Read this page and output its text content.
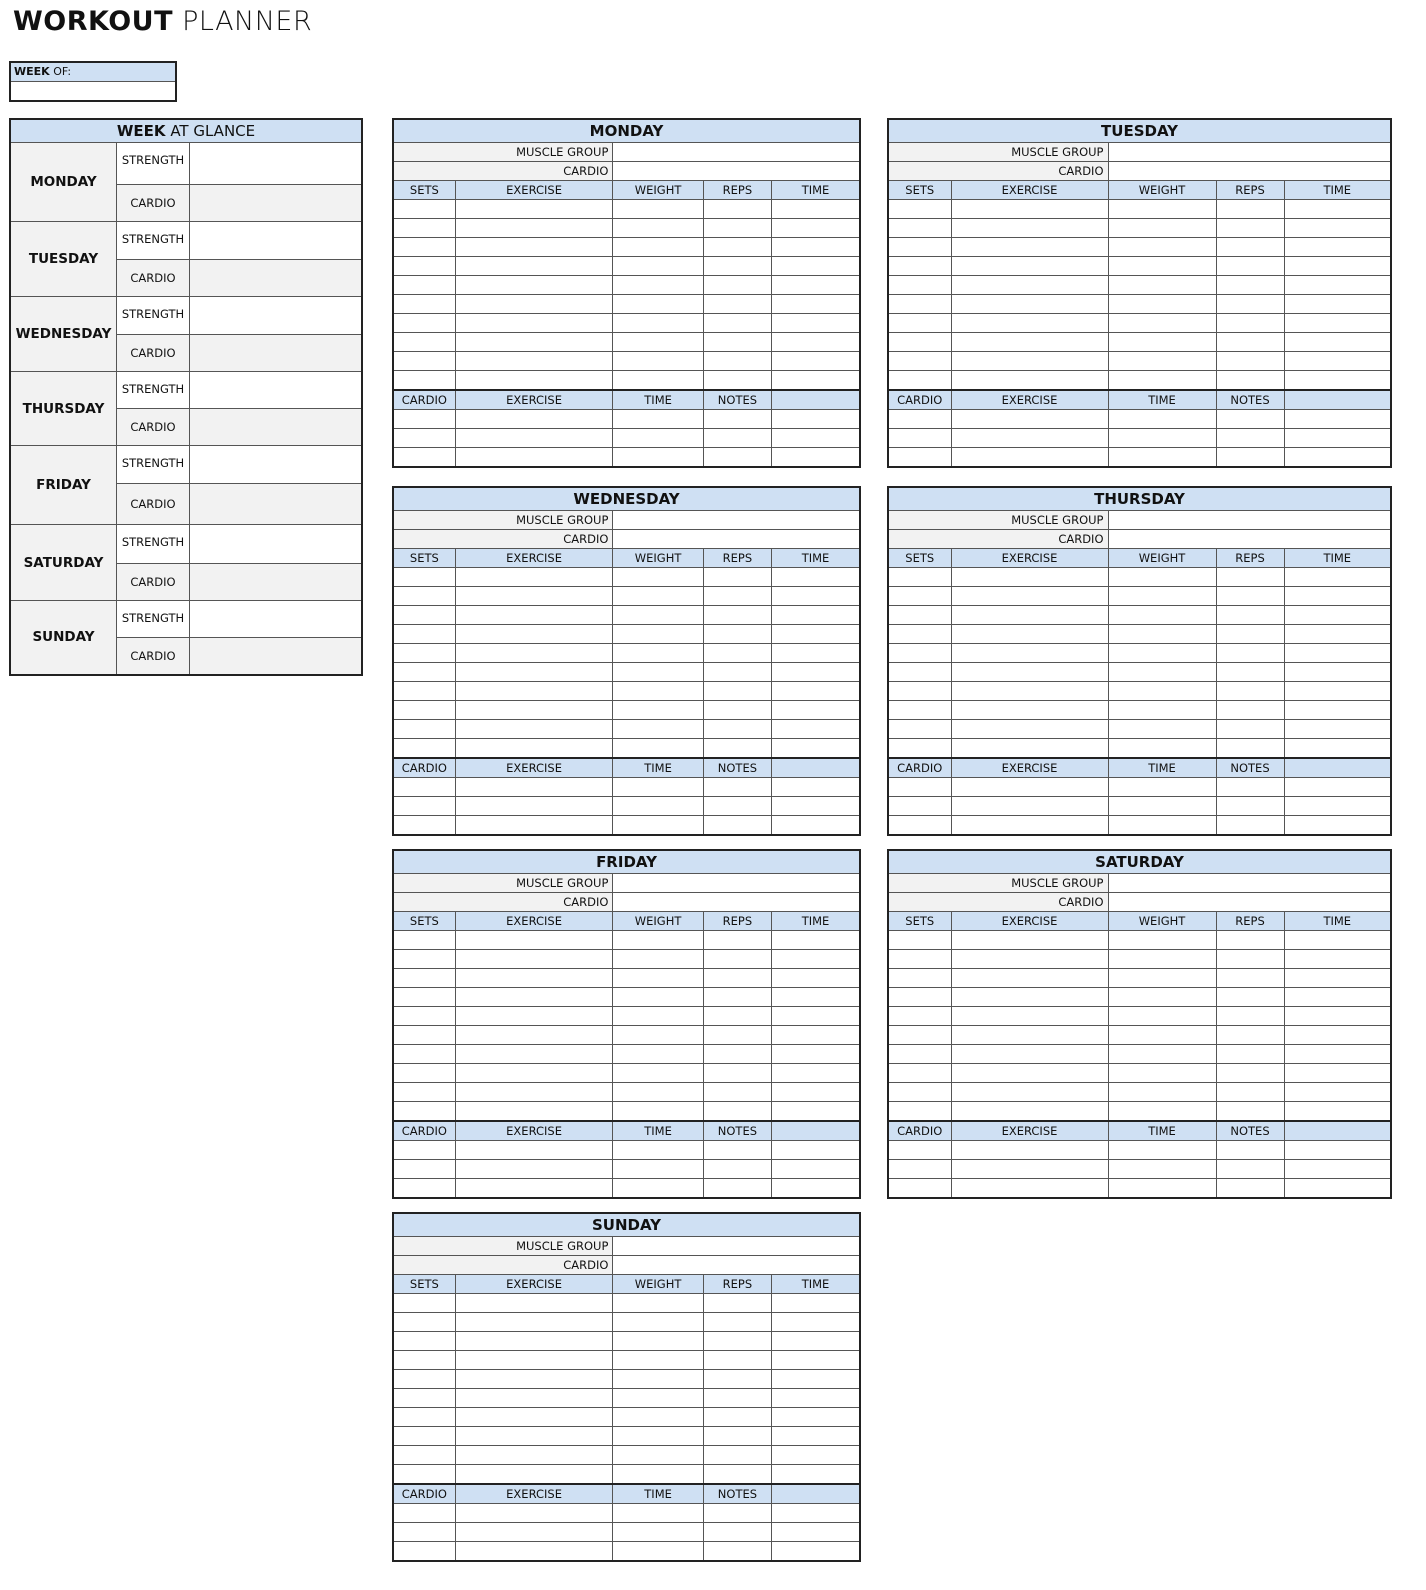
WORKOUT PLANNER
WEEK OF:
WEEK AT GLANCE		
MONDAY	STRENGTH	
	CARDIO	
TUESDAY	STRENGTH	
	CARDIO	
WEDNESDAY	STRENGTH	
	CARDIO	
THURSDAY	STRENGTH	
	CARDIO	
FRIDAY	STRENGTH	
	CARDIO	
SATURDAY	STRENGTH	
	CARDIO	
SUNDAY	STRENGTH	
	CARDIO	
MONDAY				
MUSCLE GROUP				
CARDIO				
SETS	EXERCISE	WEIGHT	REPS	TIME

CARDIO	EXERCISE	TIME	NOTES	

TUESDAY				
MUSCLE GROUP				
CARDIO				
SETS	EXERCISE	WEIGHT	REPS	TIME

CARDIO	EXERCISE	TIME	NOTES	

WEDNESDAY				
MUSCLE GROUP				
CARDIO				
SETS	EXERCISE	WEIGHT	REPS	TIME

CARDIO	EXERCISE	TIME	NOTES	

THURSDAY				
MUSCLE GROUP				
CARDIO				
SETS	EXERCISE	WEIGHT	REPS	TIME

CARDIO	EXERCISE	TIME	NOTES	

FRIDAY				
MUSCLE GROUP				
CARDIO				
SETS	EXERCISE	WEIGHT	REPS	TIME

CARDIO	EXERCISE	TIME	NOTES	

SATURDAY				
MUSCLE GROUP				
CARDIO				
SETS	EXERCISE	WEIGHT	REPS	TIME

CARDIO	EXERCISE	TIME	NOTES	

SUNDAY				
MUSCLE GROUP				
CARDIO				
SETS	EXERCISE	WEIGHT	REPS	TIME

CARDIO	EXERCISE	TIME	NOTES	
